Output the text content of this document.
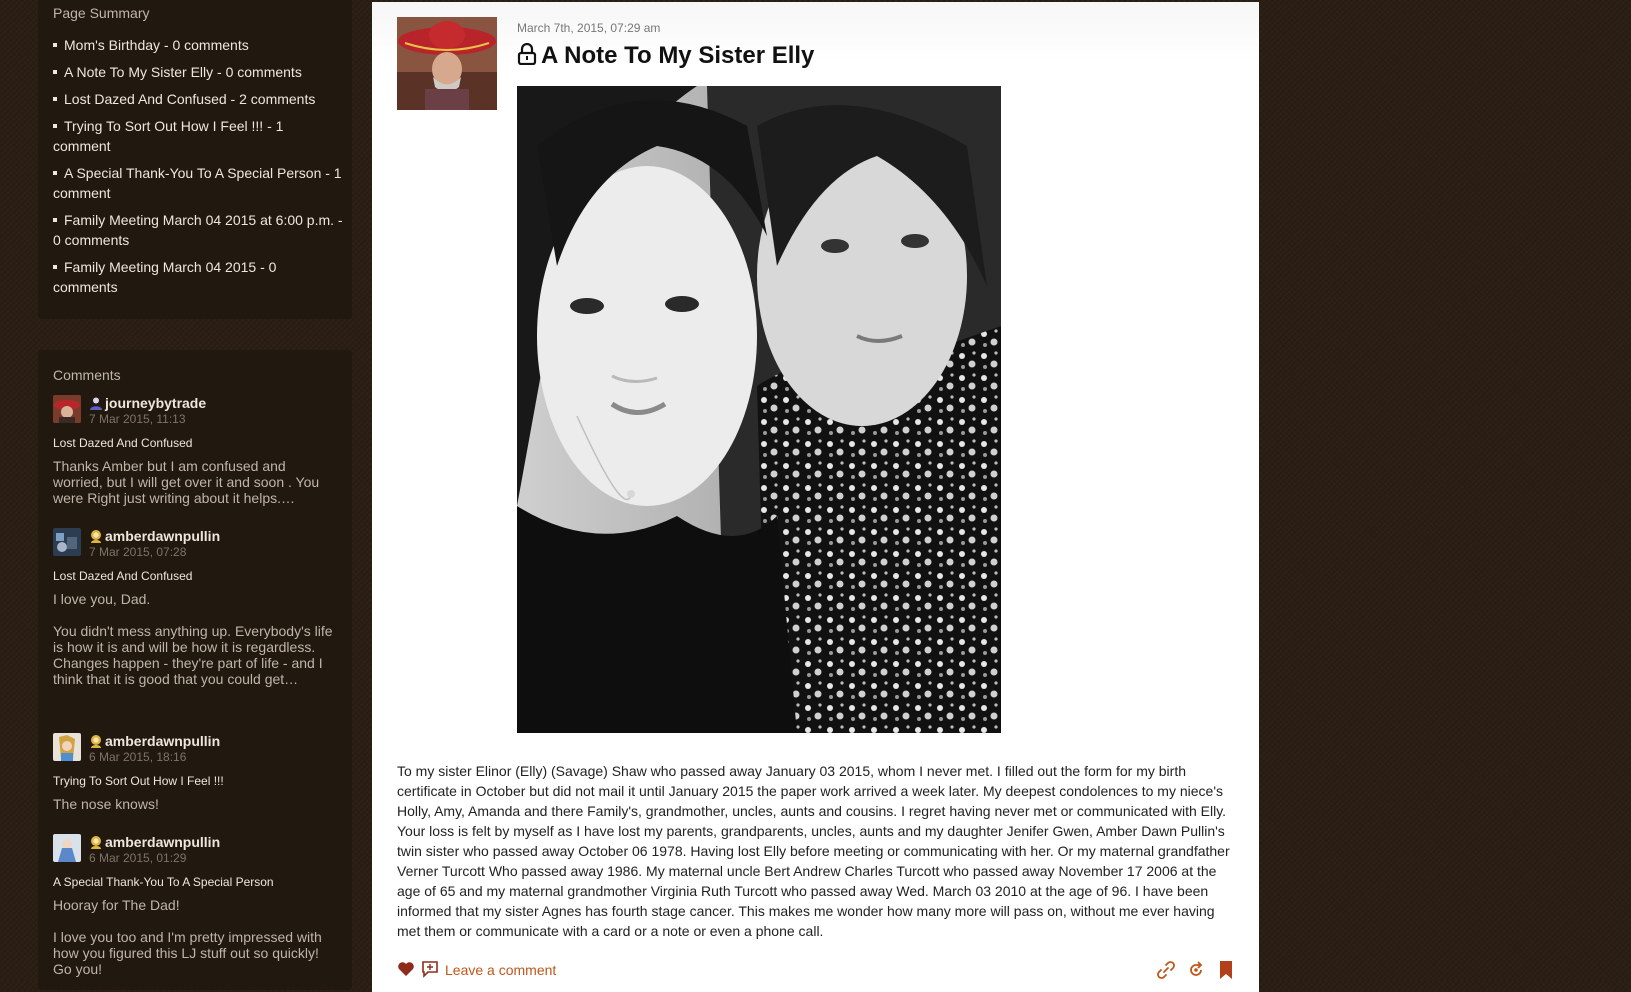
Page Summary
Mom's Birthday - 0 comments
A Note To My Sister Elly - 0 comments
Lost Dazed And Confused - 2 comments
Trying To Sort Out How I Feel !!! - 1 comment
A Special Thank-You To A Special Person - 1 comment
Family Meeting March 04 2015 at 6:00 p.m. - 0 comments
Family Meeting March 04 2015 - 0 comments
Comments
journeybytrade
7 Mar 2015, 11:13
Lost Dazed And Confused
Thanks Amber but I am confused and worried, but I will get over it and soon . You were Right just writing about it helps.…
amberdawnpullin
7 Mar 2015, 07:28
Lost Dazed And Confused
I love you, Dad.

You didn't mess anything up. Everybody's life is how it is and will be how it is regardless. Changes happen - they're part of life - and I think that it is good that you could get…
amberdawnpullin
6 Mar 2015, 18:16
Trying To Sort Out How I Feel !!!
The nose knows!
amberdawnpullin
6 Mar 2015, 01:29
A Special Thank-You To A Special Person
Hooray for The Dad!

I love you too and I'm pretty impressed with how you figured this LJ stuff out so quickly! Go you!
March 7th, 2015, 07:29 am
A Note To My Sister Elly
To my sister Elinor (Elly) (Savage) Shaw who passed away January 03 2015, whom I never met. I filled out the form for my birth certificate in October but did not mail it until January 2015 the paper work arrived a week later. My deepest condolences to my niece's Holly, Amy, Amanda and there Family's, grandmother, uncles, aunts and cousins. I regret having never met or communicated with Elly. Your loss is felt by myself as I have lost my parents, grandparents, uncles, aunts and my daughter Jenifer Gwen, Amber Dawn Pullin's twin sister who passed away October 06 1978. Having lost Elly before meeting or communicating with her. Or my maternal grandfather Verner Turcott Who passed away 1986. My maternal uncle Bert Andrew Charles Turcott who passed away November 17 2006 at the age of 65 and my maternal grandmother Virginia Ruth Turcott who passed away Wed. March 03 2010 at the age of 96. I have been informed that my sister Agnes has fourth stage cancer. This makes me wonder how many more will pass on, without me ever having met them or communicate with a card or a note or even a phone call.
Leave a comment
